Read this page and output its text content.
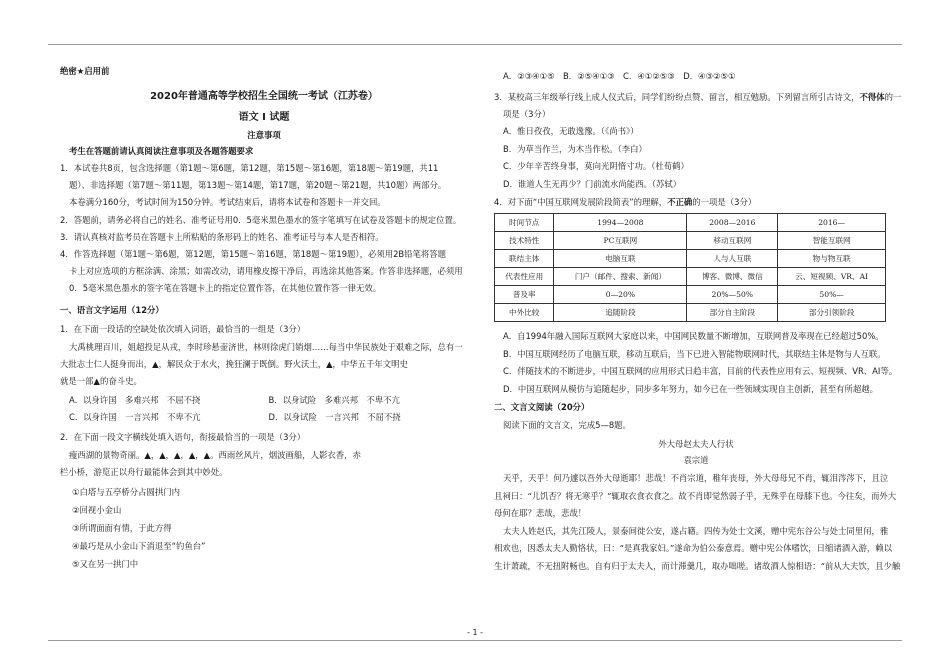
绝密★启用前

2020年普通高等学校招生全国统一考试（江苏卷）

语文 I 试题

注意事项

考生在答题前请认真阅读注意事项及各题答题要求

1．本试卷共8页，包含选择题（第1题～第6题，第12题，第15题～第16题，第18题～第19题，共11

题）、非选择题（第7题～第11题，第13题～第14题，第17题，第20题～第21题，共10题）两部分。

本卷满分160分，考试时间为150分钟。考试结束后，请将本试卷和答题卡一并交回。

2．答题前，请务必将自己的姓名、准考证号用0．5毫米黑色墨水的签字笔填写在试卷及答题卡的规定位置。

3．请认真核对监考员在答题卡上所粘贴的条形码上的姓名、准考证号与本人是否相符。

4．作答选择题（第1题～第6题，第12题，第15题～第16题，第18题～第19题），必须用2B铅笔将答题

卡上对应选项的方框涂满、涂黑；如需改动，请用橡皮擦干净后，再选涂其他答案。作答非选择题，必须用

0．5毫米黑色墨水的签字笔在答题卡上的指定位置作答，在其他位置作答一律无效。

一、语言文字运用（12分）

1．在下面一段话的空缺处依次填入词语，最恰当的一组是（3分）

大禹桃理百川，姐超投足从戎，李时珍悬壶济世，林则徐虎门销烟……每当中华民族处于艰难之际，总有一

大批志士仁人挺身而出，▲，解民众于水火，挽狂澜于既倒。野火沃土，▲，中华五千年文明史

就是一部▲的奋斗史。

A．以身许国　多难兴邦　不屈不挠	B．以身试险　多难兴邦　不卑不亢
C．以身许国　一言兴邦　不卑不亢	D．以身试险　一言兴邦　不屈不挠

2．在下面一段文字横线处填入语句，衔接最恰当的一项是（3分）

瘦西湖的景物奇丽。▲，▲，▲，▲，▲。西雨丝风片，烟波画船，人影衣香，赤

栏小桥，游览正以舟行最能体会到其中妙处。

①白塔与五亭桥分占圆拱门内

②回视小金山

③所谓面面有情，于此方得

④最巧是从小金山下消退至“钓鱼台”

⑤又在另一拱门中

A．②③④①⑤　B．②⑤④①③　C．④①②⑤③　D．④③②⑤①

3．某校高三年级举行线上成人仪式后，同学们纷纷点赞、留言，相互勉励。下列留言所引古诗文，不得体的一

项是（3分）

A．惟日孜孜，无敢逸豫。（《尚书》）

B．为草当作兰，为木当作松。（李白）

C．少年辛苦终身事，莫向光阴惰寸功。（杜荀鹤）

D．谁道人生无再少？门前流水尚能西。（苏轼）

4．对下面“中国互联网发展阶段简表”的理解，不正确的一项是（3分）

时间节点	1994—2008	2008—2016	2016—
技术特性	PC互联网	移动互联网	智能互联网
联结主体	电脑互联	人与人互联	物与物互联
代表性应用	门户（邮件、搜索、新闻）	博客、微博、微信	云、短视频、VR、AI
普及率	0—20%	20%—50%	50%—
中外比较	追随阶段	部分自主阶段	部分引领阶段

A．自1994年融入国际互联网大家庭以来，中国网民数量不断增加，互联网普及率现在已经超过50%。

B．中国互联网经历了电脑互联，移动互联后，当下已进入智能物联网时代，其联结主体是物与人互联。

C．伴随技术的不断进步，中国互联网的应用形式日趋丰富，目前的代表性应用有云、短视频、VR、AI等。

D．中国互联网从模仿与追随起步，同步多年努力，如今已在一些领域实现自主创新，甚至有所超越。

二、文言文阅读（20分）

阅读下面的文言文，完成5—8题。

外大母赵太夫人行状

袁宗道

天乎，天乎！何乃遽以吾外大母逝耶！悲哉！不肖宗道，稚年丧母，外大母母兄不肖，辄泪涔涔下，且泣

且祠曰：“儿饥否？将无寒乎？”辄取衣食衣食之。故不肖即觉然弱子乎，无殊乎在母膝下也。今往矣，而外大

母何在耶？悲哉，悲哉！

太夫人姓赵氏，其先江陵人，景泰间徙公安，遂占籍。四传为处士文溪，赠中宪东谷公与处士同里闬，雅

相欢也，因悉太夫人勤恪状，曰：“是真我家妇。”遂命为伯公泰意焉。赠中宪公体嗜饮，日缩诸酒入游，赖以

生计萧疏，不无扭附畅也。自有归于太夫人，而计滞羹几，取办咄嗟。诸故酒人惊相语：“前从大夫饮，且少触

- 1 -
